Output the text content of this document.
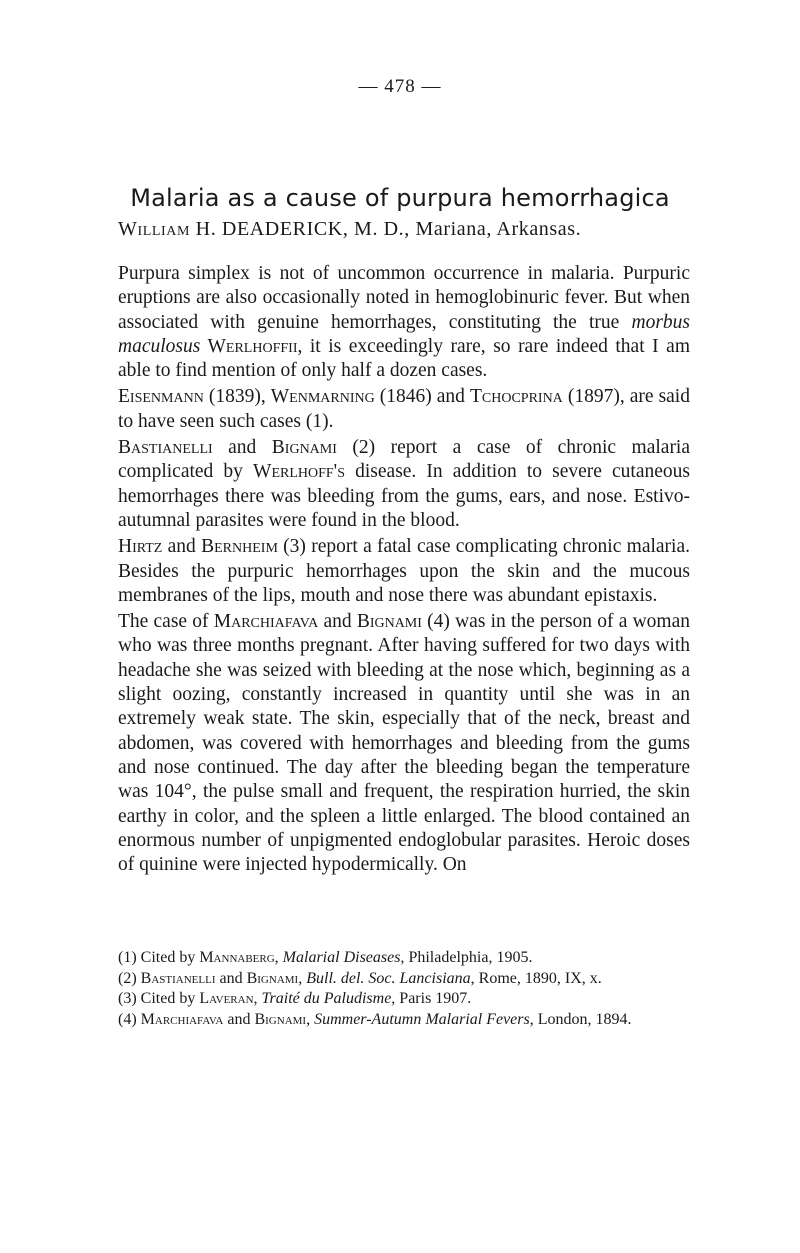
— 478 —
Malaria as a cause of purpura hemorrhagica
William H. DEADERICK, M. D., Mariana, Arkansas.

Purpura simplex is not of uncommon occurrence in malaria. Purpuric eruptions are also occasionally noted in hemoglobinuric fever. But when associated with genuine hemorrhages, constituting the true morbus maculosus Werlhoffii, it is exceedingly rare, so rare indeed that I am able to find mention of only half a dozen cases.

Eisenmann (1839), Wenmarning (1846) and Tchocprina (1897), are said to have seen such cases (1).

Bastianelli and Bignami (2) report a case of chronic malaria complicated by Werlhoff's disease. In addition to severe cutaneous hemorrhages there was bleeding from the gums, ears, and nose. Estivo-autumnal parasites were found in the blood.

Hirtz and Bernheim (3) report a fatal case complicating chronic malaria. Besides the purpuric hemorrhages upon the skin and the mucous membranes of the lips, mouth and nose there was abundant epistaxis.

The case of Marchiafava and Bignami (4) was in the person of a woman who was three months pregnant. After having suffered for two days with headache she was seized with bleeding at the nose which, beginning as a slight oozing, constantly increased in quantity until she was in an extremely weak state. The skin, especially that of the neck, breast and abdomen, was covered with hemorrhages and bleeding from the gums and nose continued. The day after the bleeding began the temperature was 104°, the pulse small and frequent, the respiration hurried, the skin earthy in color, and the spleen a little enlarged. The blood contained an enormous number of unpigmented endoglobular parasites. Heroic doses of quinine were injected hypodermically. On

(1) Cited by Mannaberg, Malarial Diseases, Philadelphia, 1905.

(2) Bastianelli and Bignami, Bull. del. Soc. Lancisiana, Rome, 1890, IX, x.

(3) Cited by Laveran, Traité du Paludisme, Paris 1907.

(4) Marchiafava and Bignami, Summer-Autumn Malarial Fevers, London, 1894.
